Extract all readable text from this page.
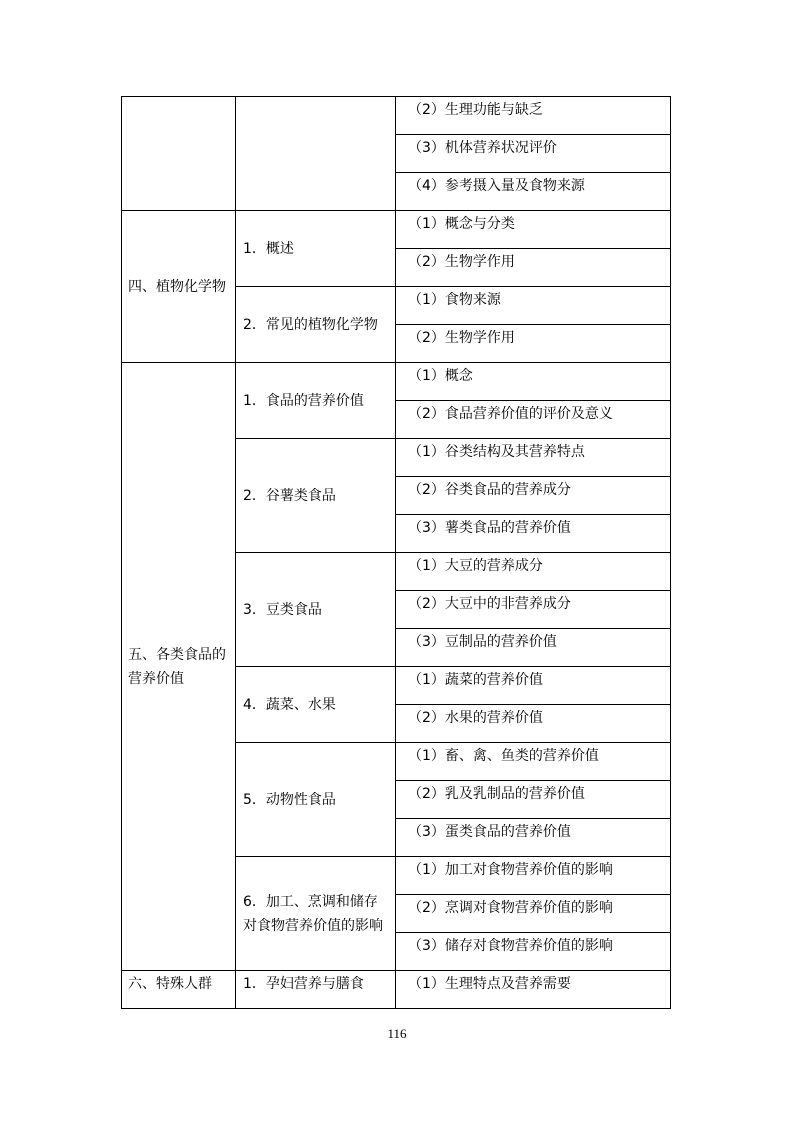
		（2）生理功能与缺乏
		（3）机体营养状况评价
		（4）参考摄入量及食物来源
四、植物化学物	1．概述	（1）概念与分类
		（2）生物学作用
	2．常见的植物化学物	（1）食物来源
		（2）生物学作用
五、各类食品的营养价值	1．食品的营养价值	（1）概念
		（2）食品营养价值的评价及意义
	2．谷薯类食品	（1）谷类结构及其营养特点
		（2）谷类食品的营养成分
		（3）薯类食品的营养价值
	3．豆类食品	（1）大豆的营养成分
		（2）大豆中的非营养成分
		（3）豆制品的营养价值
	4．蔬菜、水果	（1）蔬菜的营养价值
		（2）水果的营养价值
	5．动物性食品	（1）畜、禽、鱼类的营养价值
		（2）乳及乳制品的营养价值
		（3）蛋类食品的营养价值
	6．加工、烹调和储存对食物营养价值的影响	（1）加工对食物营养价值的影响
		（2）烹调对食物营养价值的影响
		（3）储存对食物营养价值的影响
六、特殊人群	1．孕妇营养与膳食	（1）生理特点及营养需要
116
